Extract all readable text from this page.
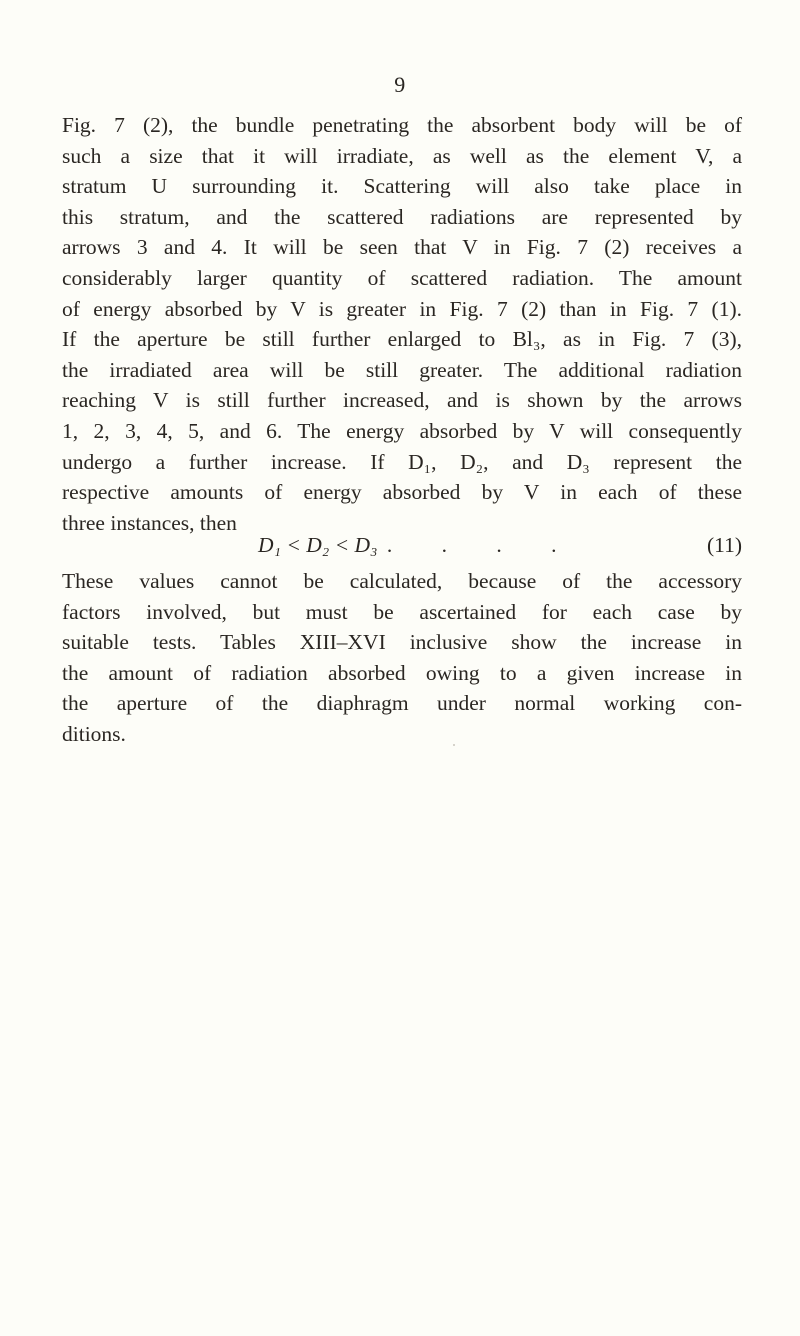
9
Fig. 7 (2), the bundle penetrating the absorbent body will be of
such a size that it will irradiate, as well as the element V, a
stratum U surrounding it. Scattering will also take place in
this stratum, and the scattered radiations are represented by
arrows 3 and 4. It will be seen that V in Fig. 7 (2) receives a
considerably larger quantity of scattered radiation. The amount
of energy absorbed by V is greater in Fig. 7 (2) than in Fig. 7 (1).
If the aperture be still further enlarged to Bl₃, as in Fig. 7 (3),
the irradiated area will be still greater. The additional radiation
reaching V is still further increased, and is shown by the arrows
1, 2, 3, 4, 5, and 6. The energy absorbed by V will consequently
undergo a further increase. If D₁, D₂, and D₃ represent the
respective amounts of energy absorbed by V in each of these
three instances, then
D₁ < D₂ < D₃ . . . .	(11)
These values cannot be calculated, because of the accessory
factors involved, but must be ascertained for each case by
suitable tests. Tables XIII–XVI inclusive show the increase in
the amount of radiation absorbed owing to a given increase in
the aperture of the diaphragm under normal working con-
ditions.
